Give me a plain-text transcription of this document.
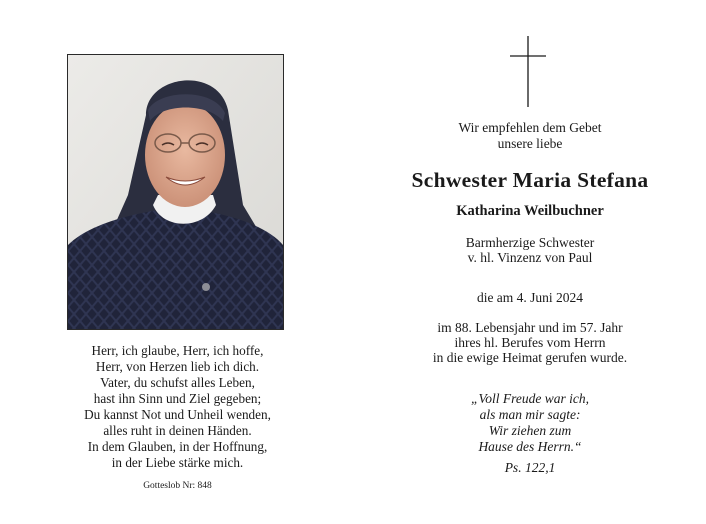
Herr, ich glaube, Herr, ich hoffe,
Herr, von Herzen lieb ich dich.
Vater, du schufst alles Leben,
hast ihn Sinn und Ziel gegeben;
Du kannst Not und Unheil wenden,
alles ruht in deinen Händen.
In dem Glauben, in der Hoffnung,
in der Liebe stärke mich.
Gotteslob Nr: 848
Wir empfehlen dem Gebet
unsere liebe
Schwester Maria Stefana
Katharina Weilbuchner
Barmherzige Schwester
v. hl. Vinzenz von Paul
die am 4. Juni 2024
im 88. Lebensjahr und im 57. Jahr
ihres hl. Berufes vom Herrn
in die ewige Heimat gerufen wurde.
„Voll Freude war ich,
als man mir sagte:
Wir ziehen zum
Hause des Herrn.“
Ps. 122,1
